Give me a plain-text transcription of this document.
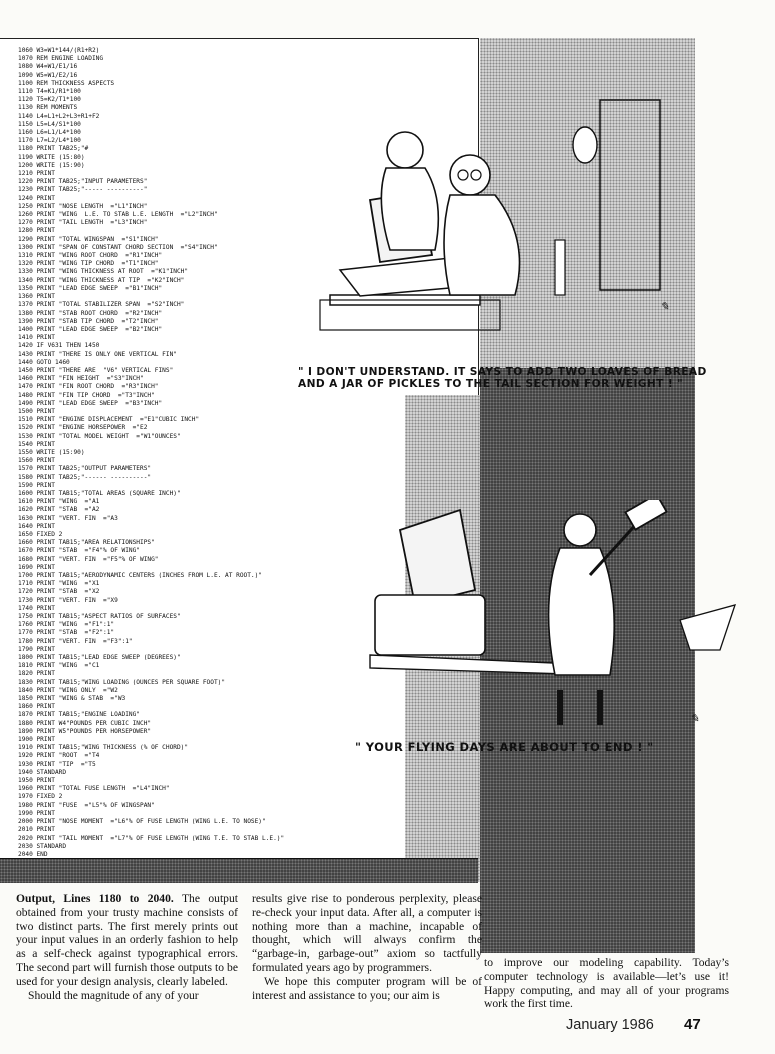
1060 W3=W1*144/(R1+R2)
1070 REM ENGINE LOADING
1080 W4=W1/E1/16
1090 W5=W1/E2/16
1100 REM THICKNESS ASPECTS
1110 T4=K1/R1*100
1120 T5=K2/T1*100
1130 REM MOMENTS
1140 L4=L1+L2+L3+R1+F2
1150 L5=L4/S1*100
1160 L6=L1/L4*100
1170 L7=L2/L4*100
1180 PRINT TAB25;"#
1190 WRITE (15:80)
1200 WRITE (15:90)
1210 PRINT
1220 PRINT TAB25;"INPUT PARAMETERS"
1230 PRINT TAB25;"----- ----------"
1240 PRINT
1250 PRINT "NOSE LENGTH  ="L1"INCH"
1260 PRINT "WING  L.E. TO STAB L.E. LENGTH  ="L2"INCH"
1270 PRINT "TAIL LENGTH  ="L3"INCH"
1280 PRINT
1290 PRINT "TOTAL WINGSPAN  ="S1"INCH"
1300 PRINT "SPAN OF CONSTANT CHORD SECTION  ="S4"INCH"
1310 PRINT "WING ROOT CHORD  ="R1"INCH"
1320 PRINT "WING TIP CHORD  ="T1"INCH"
1330 PRINT "WING THICKNESS AT ROOT  ="K1"INCH"
1340 PRINT "WING THICKNESS AT TIP  ="K2"INCH"
1350 PRINT "LEAD EDGE SWEEP  ="B1"INCH"
1360 PRINT
1370 PRINT "TOTAL STABILIZER SPAN  ="S2"INCH"
1380 PRINT "STAB ROOT CHORD  ="R2"INCH"
1390 PRINT "STAB TIP CHORD  ="T2"INCH"
1400 PRINT "LEAD EDGE SWEEP  ="B2"INCH"
1410 PRINT
1420 IF V631 THEN 1450
1430 PRINT "THERE IS ONLY ONE VERTICAL FIN"
1440 GOTO 1460
1450 PRINT "THERE ARE  "V6" VERTICAL FINS"
1460 PRINT "FIN HEIGHT  ="S3"INCH"
1470 PRINT "FIN ROOT CHORD  ="R3"INCH"
1480 PRINT "FIN TIP CHORD  ="T3"INCH"
1490 PRINT "LEAD EDGE SWEEP  ="B3"INCH"
1500 PRINT
1510 PRINT "ENGINE DISPLACEMENT  ="E1"CUBIC INCH"
1520 PRINT "ENGINE HORSEPOWER  ="E2
1530 PRINT "TOTAL MODEL WEIGHT  ="W1"OUNCES"
1540 PRINT
1550 WRITE (15:90)
1560 PRINT
1570 PRINT TAB25;"OUTPUT PARAMETERS"
1580 PRINT TAB25;"------ ----------"
1590 PRINT
1600 PRINT TAB15;"TOTAL AREAS (SQUARE INCH)"
1610 PRINT "WING  ="A1
1620 PRINT "STAB  ="A2
1630 PRINT "VERT. FIN  ="A3
1640 PRINT
1650 FIXED 2
1660 PRINT TAB15;"AREA RELATIONSHIPS"
1670 PRINT "STAB  ="F4"% OF WING"
1680 PRINT "VERT. FIN  ="F5"% OF WING"
1690 PRINT
1700 PRINT TAB15;"AERODYNAMIC CENTERS (INCHES FROM L.E. AT ROOT.)"
1710 PRINT "WING  ="X1
1720 PRINT "STAB  ="X2
1730 PRINT "VERT. FIN  ="X9
1740 PRINT
1750 PRINT TAB15;"ASPECT RATIOS OF SURFACES"
1760 PRINT "WING  ="F1":1"
1770 PRINT "STAB  ="F2":1"
1780 PRINT "VERT. FIN  ="F3":1"
1790 PRINT
1800 PRINT TAB15;"LEAD EDGE SWEEP (DEGREES)"
1810 PRINT "WING  ="C1
1820 PRINT
1830 PRINT TAB15;"WING LOADING (OUNCES PER SQUARE FOOT)"
1840 PRINT "WING ONLY  ="W2
1850 PRINT "WING & STAB  ="W3
1860 PRINT
1870 PRINT TAB15;"ENGINE LOADING"
1880 PRINT W4"POUNDS PER CUBIC INCH"
1890 PRINT W5"POUNDS PER HORSEPOWER"
1900 PRINT
1910 PRINT TAB15;"WING THICKNESS (% OF CHORD)"
1920 PRINT "ROOT  ="T4
1930 PRINT "TIP  ="T5
1940 STANDARD
1950 PRINT
1960 PRINT "TOTAL FUSE LENGTH  ="L4"INCH"
1970 FIXED 2
1980 PRINT "FUSE  ="L5"% OF WINGSPAN"
1990 PRINT
2000 PRINT "NOSE MOMENT  ="L6"% OF FUSE LENGTH (WING L.E. TO NOSE)"
2010 PRINT
2020 PRINT "TAIL MOMENT  ="L7"% OF FUSE LENGTH (WING T.E. TO STAB L.E.)"
2030 STANDARD
2040 END
✎
" I DON'T UNDERSTAND. IT SAYS TO ADD TWO LOAVES OF BREAD
AND A JAR OF PICKLES TO THE TAIL SECTION FOR WEIGHT ! "
✎
" YOUR FLYING DAYS ARE ABOUT TO END ! "
Output, Lines 1180 to 2040. The output obtained from your trusty machine consists of two distinct parts. The first merely prints out your input values in an orderly fashion to help as a self-check against typographical errors. The second part will furnish those outputs to be used for your design analysis, clearly labeled.
Should the magnitude of any of your
results give rise to ponderous perplexity, please re-check your input data. After all, a computer is nothing more than a machine, incapable of thought, which will always confirm the “garbage-in, garbage-out” axiom so tactfully formulated years ago by programmers.
We hope this computer program will be of interest and assistance to you; our aim is
to improve our modeling capability. Today’s computer technology is available—let’s use it! Happy computing, and may all of your programs work the first time.
January 1986 47
